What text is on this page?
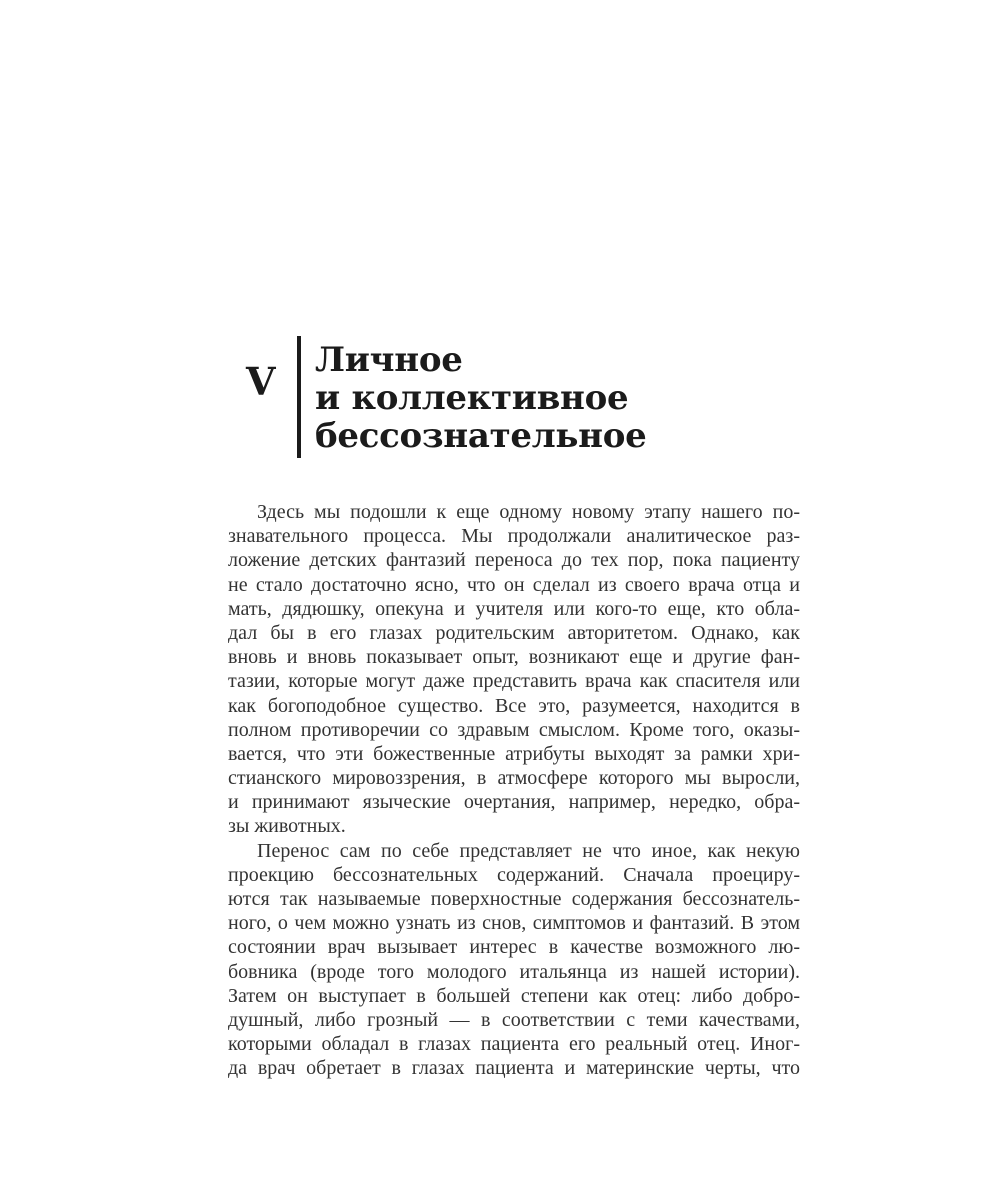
V Личное
и коллективное
бессознательное
Здесь мы подошли к еще одному новому этапу нашего по-
знавательного процесса. Мы продолжали аналитическое раз-
ложение детских фантазий переноса до тех пор, пока пациенту
не стало достаточно ясно, что он сделал из своего врача отца и
мать, дядюшку, опекуна и учителя или кого-то еще, кто обла-
дал бы в его глазах родительским авторитетом. Однако, как
вновь и вновь показывает опыт, возникают еще и другие фан-
тазии, которые могут даже представить врача как спасителя или
как богоподобное существо. Все это, разумеется, находится в
полном противоречии со здравым смыслом. Кроме того, оказы-
вается, что эти божественные атрибуты выходят за рамки хри-
стианского мировоззрения, в атмосфере которого мы выросли,
и принимают языческие очертания, например, нередко, обра-
зы животных.
Перенос сам по себе представляет не что иное, как некую
проекцию бессознательных содержаний. Сначала проециру-
ются так называемые поверхностные содержания бессознатель-
ного, о чем можно узнать из снов, симптомов и фантазий. В этом
состоянии врач вызывает интерес в качестве возможного лю-
бовника (вроде того молодого итальянца из нашей истории).
Затем он выступает в большей степени как отец: либо добро-
душный, либо грозный — в соответствии с теми качествами,
которыми обладал в глазах пациента его реальный отец. Иног-
да врач обретает в глазах пациента и материнские черты, что
